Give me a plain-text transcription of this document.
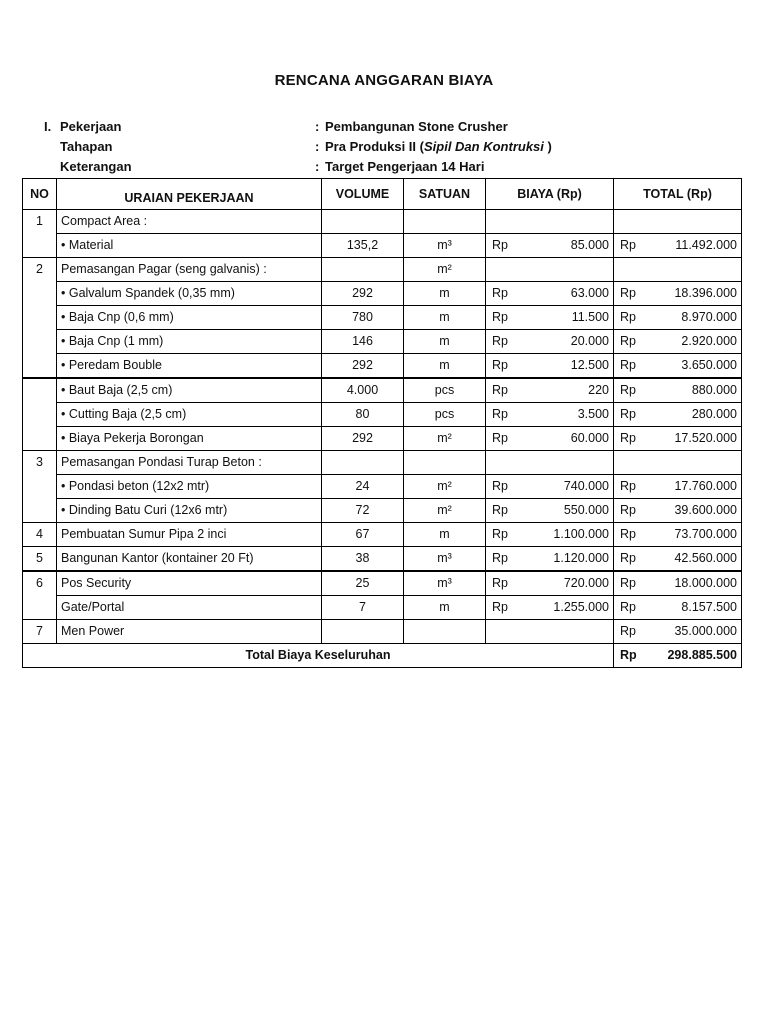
RENCANA ANGGARAN BIAYA
I. Pekerjaan	: Pembangunan Stone Crusher
Tahapan	: Pra Produksi II (Sipil Dan Kontruksi )
Keterangan	: Target Pengerjaan 14 Hari
NO	URAIAN PEKERJAAN	VOLUME	SATUAN	BIAYA (Rp)	TOTAL (Rp)
1	Compact Area :				
	• Material	135,2	m³	Rp 85.000	Rp 11.492.000

2	Pemasangan Pagar (seng galvanis) :		m²		
	• Galvalum Spandek (0,35 mm)	292	m	Rp 63.000	Rp 18.396.000

	• Baja Cnp (0,6 mm)	780	m	Rp 11.500	Rp 8.970.000

	• Baja Cnp (1 mm)	146	m	Rp 20.000	Rp 2.920.000

	• Peredam Bouble	292	m	Rp 12.500	Rp 3.650.000

	• Baut Baja (2,5 cm)	4.000	pcs	Rp 220	Rp 880.000

	• Cutting Baja (2,5 cm)	80	pcs	Rp 3.500	Rp 280.000

	• Biaya Pekerja Borongan	292	m²	Rp 60.000	Rp 17.520.000

3	Pemasangan Pondasi Turap Beton :				
	• Pondasi beton (12x2 mtr)	24	m²	Rp 740.000	Rp 17.760.000

	• Dinding Batu Curi (12x6 mtr)	72	m²	Rp 550.000	Rp 39.600.000

4	Pembuatan Sumur Pipa 2 inci	67	m	Rp 1.100.000	Rp 73.700.000

5	Bangunan Kantor (kontainer 20 Ft)	38	m³	Rp 1.120.000	Rp 42.560.000

6	Pos Security	25	m³	Rp 720.000	Rp 18.000.000

	Gate/Portal	7	m	Rp 1.255.000	Rp 8.157.500

7	Men Power				Rp 35.000.000

Total Biaya Keseluruhan					Rp 298.885.500
